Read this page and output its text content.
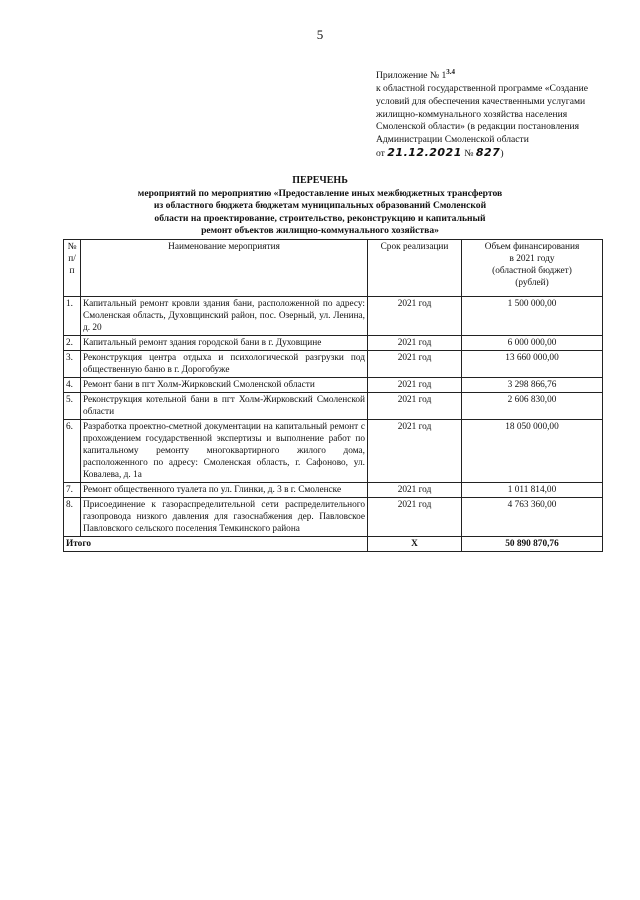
5
Приложение № $1^{3.4}$
к областной государственной программе «Создание
условий для обеспечения качественными услугами
жилищно-коммунального хозяйства населения
Смоленской области» (в редакции постановления
Администрации Смоленской области
от 21.12.2021 № 827)
ПЕРЕЧЕНЬ
мероприятий по мероприятию «Предоставление иных межбюджетных трансфертов
из областного бюджета бюджетам муниципальных образований Смоленской
области на проектирование, строительство, реконструкцию и капитальный
ремонт объектов жилищно-коммунального хозяйства»
№ п/п	Наименование мероприятия	Срок реализации	Объем финансирования
в 2021 году
(областной бюджет)
(рублей)

1.	Капитальный ремонт кровли здания бани, расположенной по адресу: Смоленская область, Духовщинский район, пос. Озерный, ул. Ленина, д. 20	2021 год	1 500 000,00
2.	Капитальный ремонт здания городской бани в г. Духовщине	2021 год	6 000 000,00
3.	Реконструкция центра отдыха и психологической разгрузки под общественную баню в г. Дорогобуже	2021 год	13 660 000,00
4.	Ремонт бани в пгт Холм-Жирковский Смоленской области	2021 год	3 298 866,76
5.	Реконструкция котельной бани в пгт Холм-Жирковский Смоленской области	2021 год	2 606 830,00
6.	Разработка проектно-сметной документации на капитальный ремонт с прохождением государственной экспертизы и выполнение работ по капитальному ремонту многоквартирного жилого дома, расположенного по адресу: Смоленская область, г. Сафоново, ул. Ковалева, д. 1а	2021 год	18 050 000,00
7.	Ремонт общественного туалета по ул. Глинки, д. 3 в г. Смоленске	2021 год	1 011 814,00
8.	Присоединение к газораспределительной сети распределительного газопровода низкого давления для газоснабжения дер. Павловское Павловского сельского поселения Темкинского района	2021 год	4 763 360,00
Итого		Х	50 890 870,76
